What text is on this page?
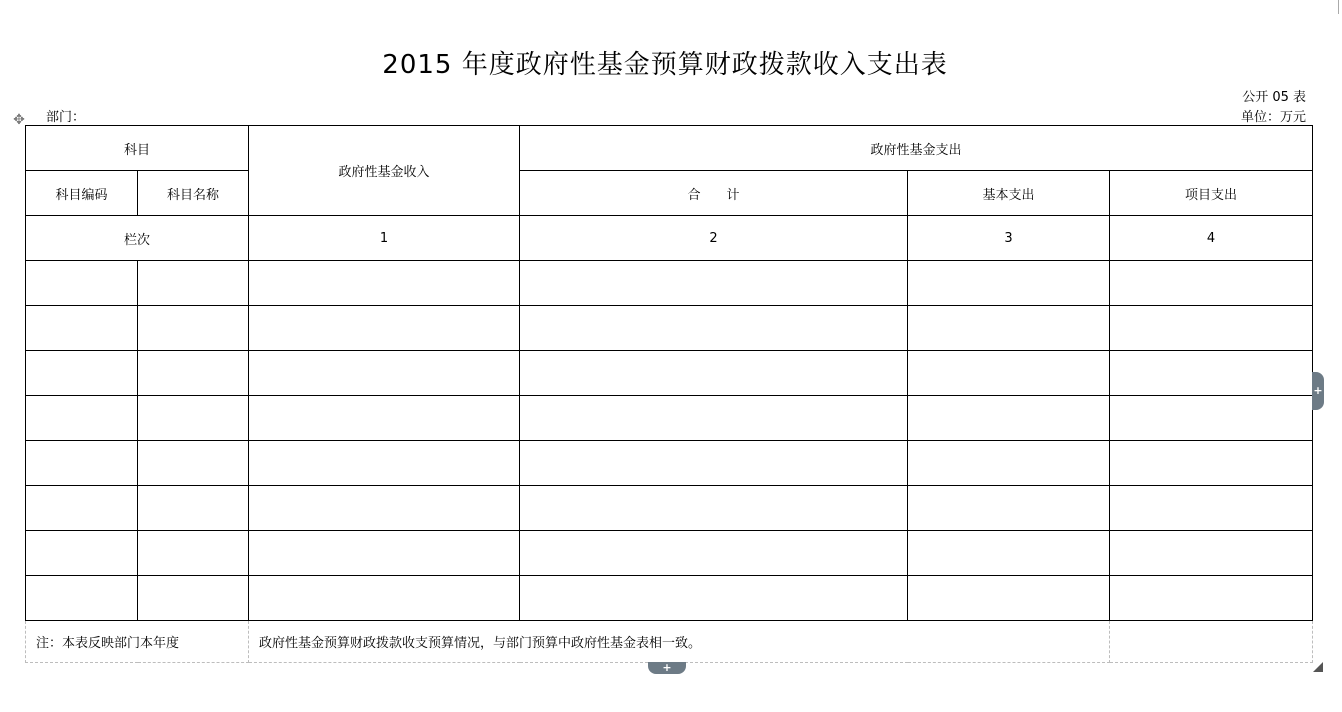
2015 年度政府性基金预算财政拨款收入支出表
公开 05 表
部门：	单位：万元
✥
科目		政府性基金收入	政府性基金支出		
科目编码	科目名称		合　　计	基本支出	项目支出
栏次		1	2	3	4

注：本表反映部门本年度		政府性基金预算财政拨款收支预算情况，与部门预算中政府性基金表相一致。			
+
+
